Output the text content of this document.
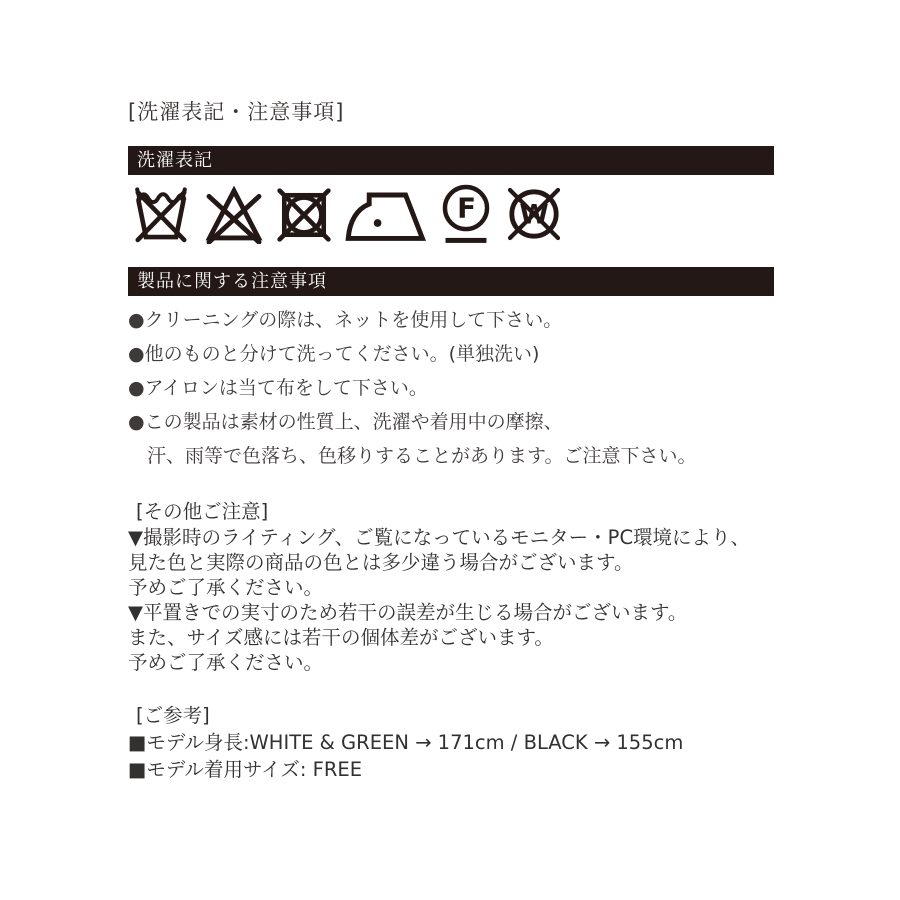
[洗濯表記・注意事項]
洗濯表記
F W
製品に関する注意事項
●クリーニングの際は、ネットを使用して下さい。
●他のものと分けて洗ってください。(単独洗い)
●アイロンは当て布をして下さい。
●この製品は素材の性質上、洗濯や着用中の摩擦、
汗、雨等で色落ち、色移りすることがあります。ご注意下さい。
[その他ご注意]
▼撮影時のライティング、ご覧になっているモニター・PC環境により、
見た色と実際の商品の色とは多少違う場合がございます。
予めご了承ください。
▼平置きでの実寸のため若干の誤差が生じる場合がございます。
また、サイズ感には若干の個体差がございます。
予めご了承ください。
[ご参考]
■モデル身長:WHITE & GREEN → 171cm / BLACK → 155cm
■モデル着用サイズ: FREE
